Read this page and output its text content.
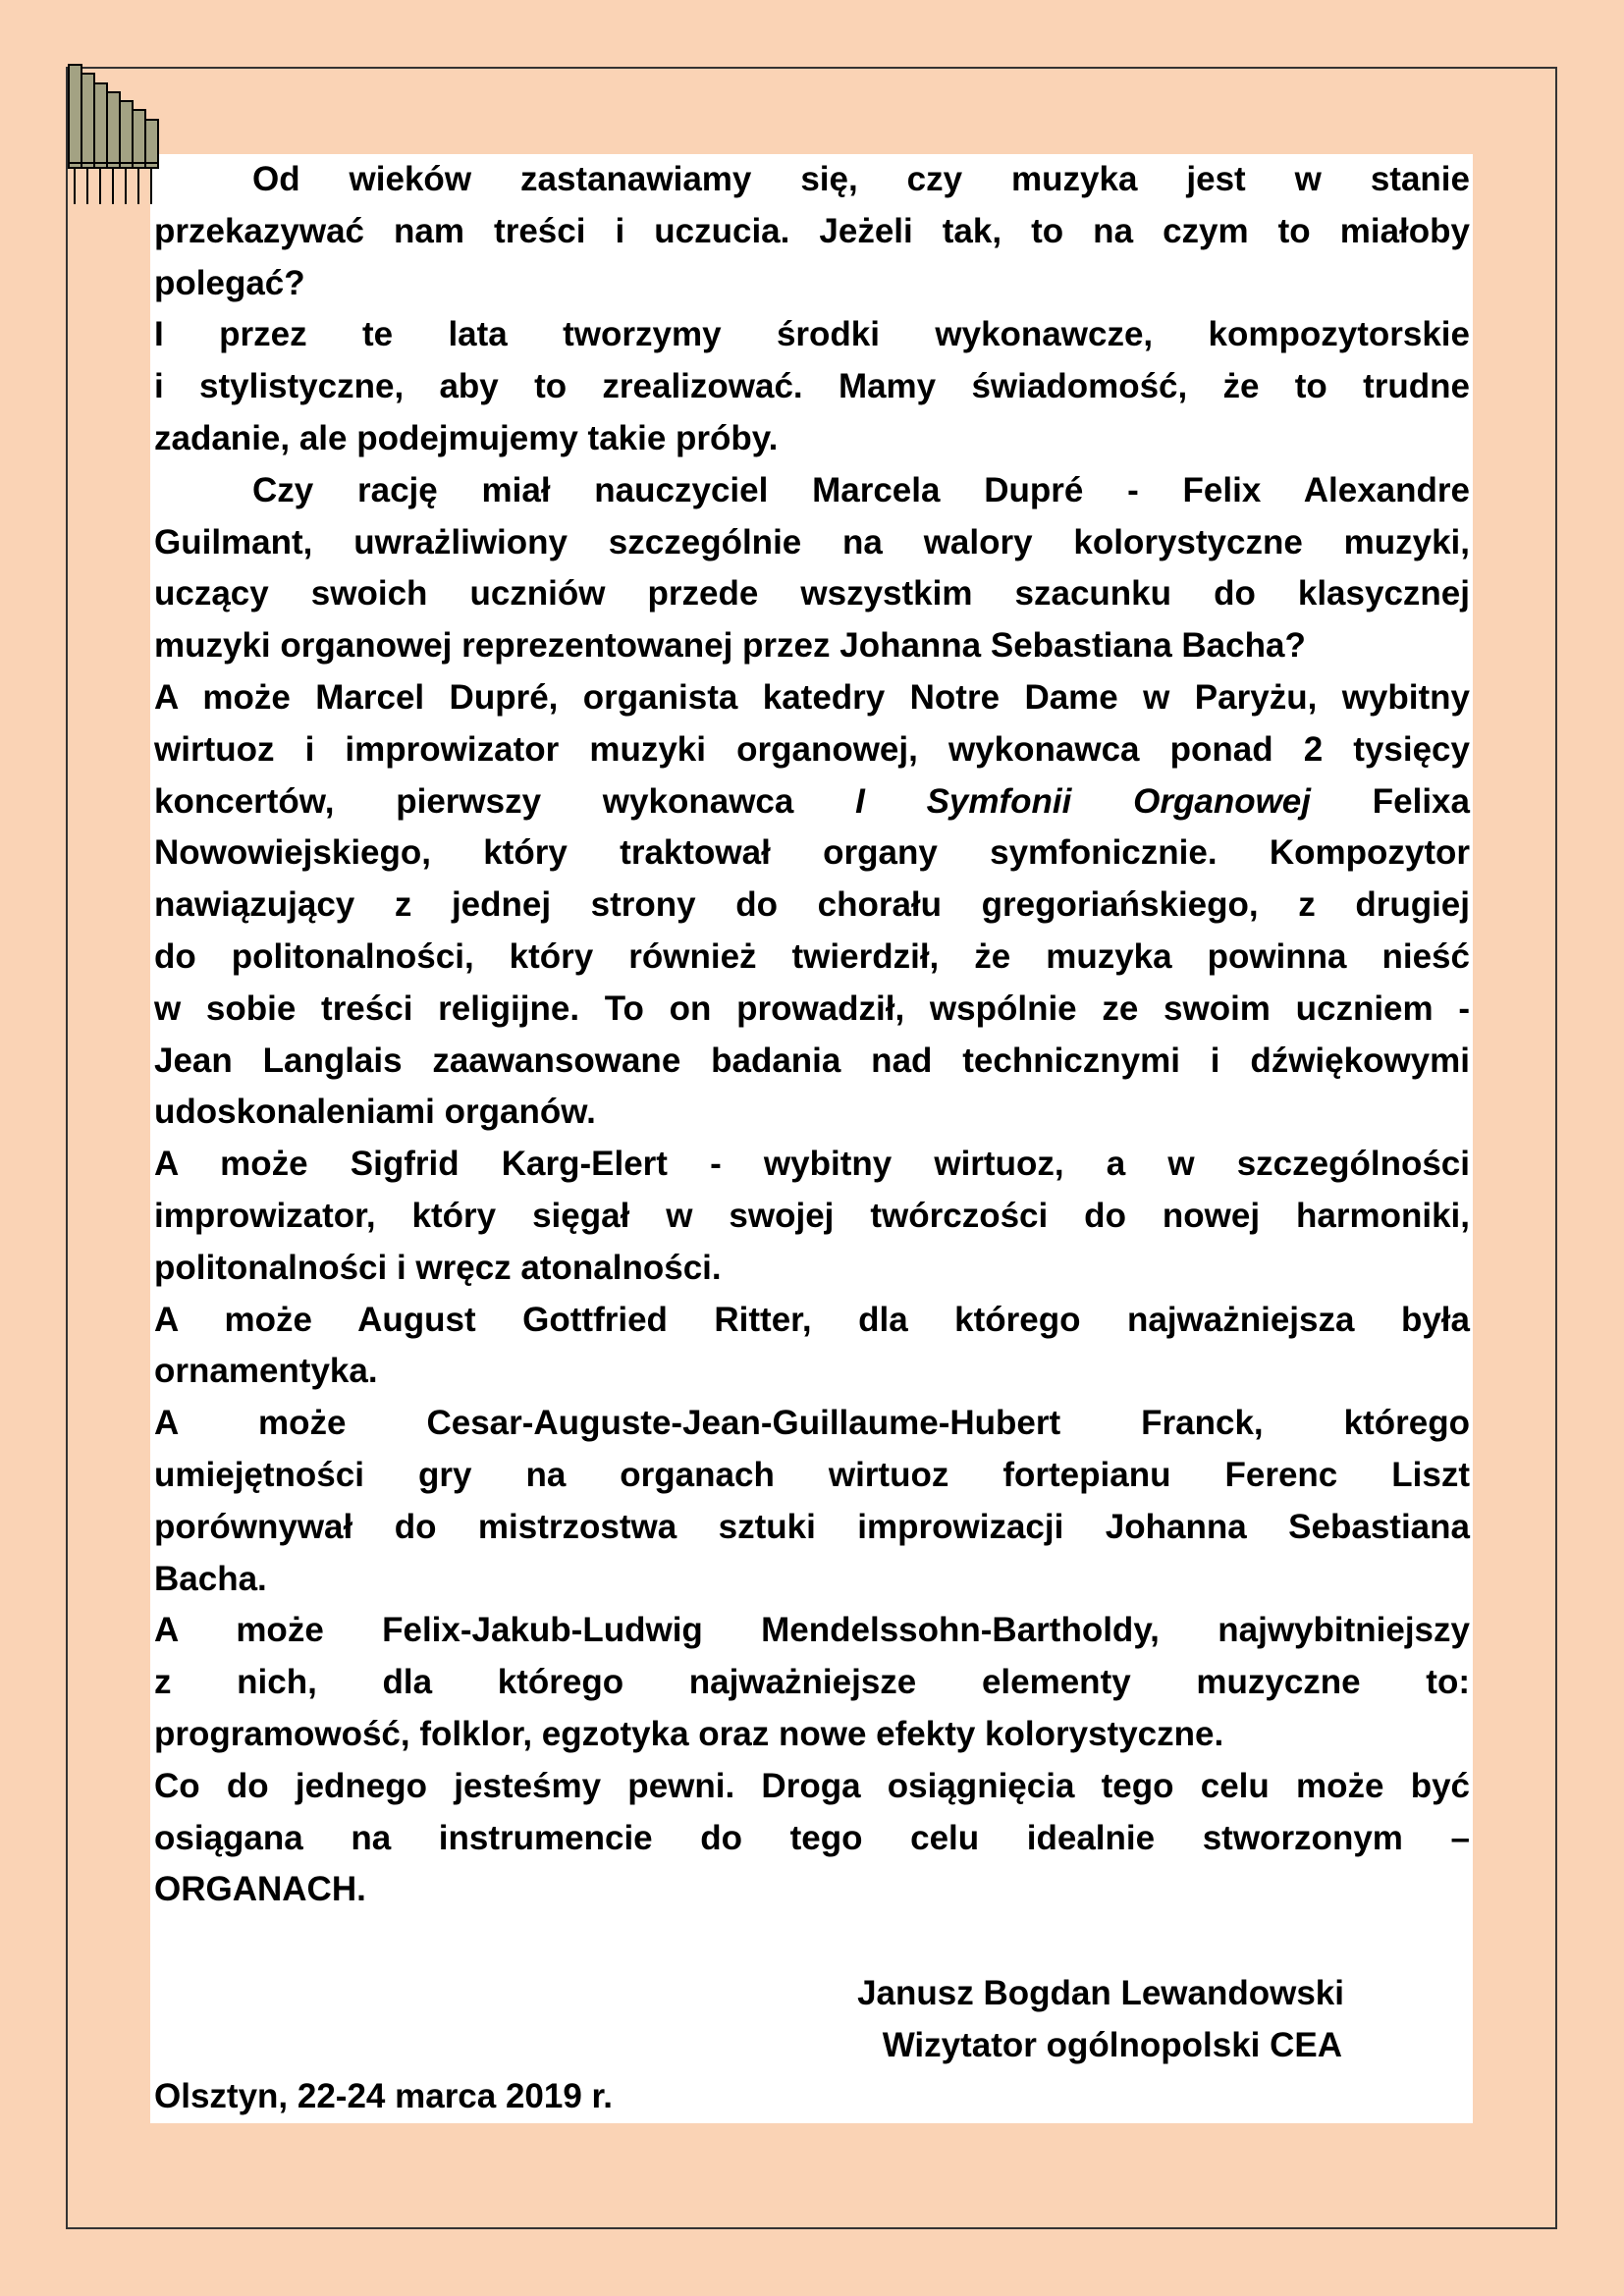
Od wieków zastanawiamy się, czy muzyka jest w stanie
przekazywać nam treści i uczucia. Jeżeli tak, to na czym to miałoby
polegać?
I przez te lata tworzymy środki wykonawcze, kompozytorskie
i stylistyczne, aby to zrealizować. Mamy świadomość, że to trudne
zadanie, ale podejmujemy takie próby.
Czy rację miał nauczyciel Marcela Dupré - Felix Alexandre
Guilmant, uwrażliwiony szczególnie na walory kolorystyczne muzyki,
uczący swoich uczniów przede wszystkim szacunku do klasycznej
muzyki organowej reprezentowanej przez Johanna Sebastiana Bacha?
A może Marcel Dupré, organista katedry Notre Dame w Paryżu, wybitny
wirtuoz i improwizator muzyki organowej, wykonawca ponad 2 tysięcy
koncertów, pierwszy wykonawca I Symfonii Organowej Felixa
Nowowiejskiego, który traktował organy symfonicznie. Kompozytor
nawiązujący z jednej strony do chorału gregoriańskiego, z drugiej
do politonalności, który również twierdził, że muzyka powinna nieść
w sobie treści religijne. To on prowadził, wspólnie ze swoim uczniem -
Jean Langlais zaawansowane badania nad technicznymi i dźwiękowymi
udoskonaleniami organów.
A może Sigfrid Karg-Elert - wybitny wirtuoz, a w szczególności
improwizator, który sięgał w swojej twórczości do nowej harmoniki,
politonalności i wręcz atonalności.
A może August Gottfried Ritter, dla którego najważniejsza była
ornamentyka.
A może Cesar-Auguste-Jean-Guillaume-Hubert Franck, którego
umiejętności gry na organach wirtuoz fortepianu Ferenc Liszt
porównywał do mistrzostwa sztuki improwizacji Johanna Sebastiana
Bacha.
A może Felix-Jakub-Ludwig Mendelssohn-Bartholdy, najwybitniejszy
z nich, dla którego najważniejsze elementy muzyczne to:
programowość, folklor, egzotyka oraz nowe efekty kolorystyczne.
Co do jednego jesteśmy pewni. Droga osiągnięcia tego celu może być
osiągana na instrumencie do tego celu idealnie stworzonym –
ORGANACH.
Janusz Bogdan Lewandowski
Wizytator ogólnopolski CEA
Olsztyn, 22-24 marca 2019 r.
